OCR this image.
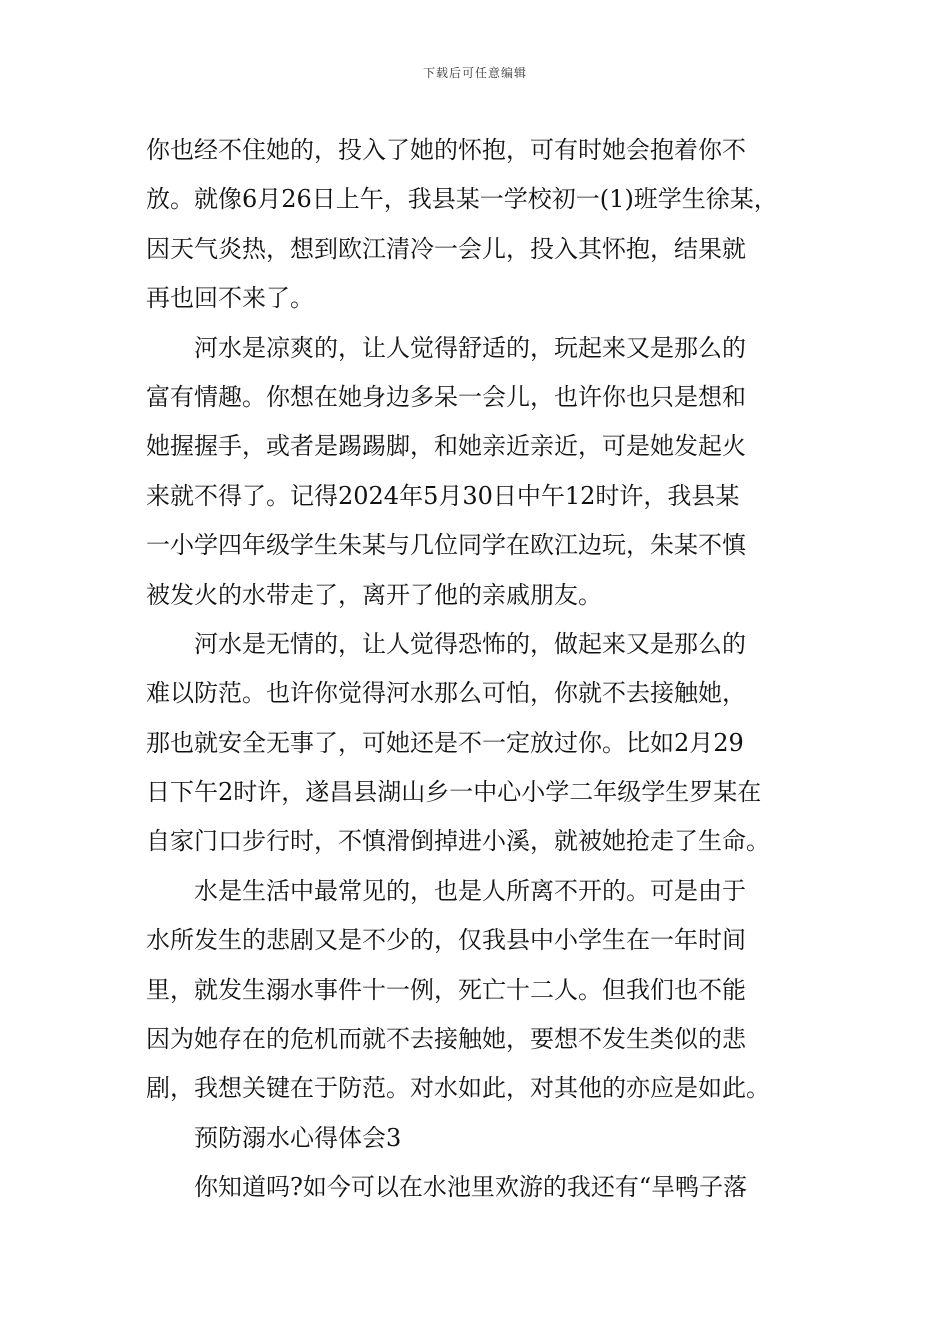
下载后可任意编辑
你也经不住她的，投入了她的怀抱，可有时她会抱着你不
放。就像6月26日上午，我县某一学校初一(1)班学生徐某，
因天气炎热，想到欧江清冷一会儿，投入其怀抱，结果就
再也回不来了。
河水是凉爽的，让人觉得舒适的，玩起来又是那么的
富有情趣。你想在她身边多呆一会儿，也许你也只是想和
她握握手，或者是踢踢脚，和她亲近亲近，可是她发起火
来就不得了。记得2024年5月30日中午12时许，我县某
一小学四年级学生朱某与几位同学在欧江边玩，朱某不慎
被发火的水带走了，离开了他的亲戚朋友。
河水是无情的，让人觉得恐怖的，做起来又是那么的
难以防范。也许你觉得河水那么可怕，你就不去接触她，
那也就安全无事了，可她还是不一定放过你。比如2月29
日下午2时许，遂昌县湖山乡一中心小学二年级学生罗某在
自家门口步行时，不慎滑倒掉进小溪，就被她抢走了生命。
水是生活中最常见的，也是人所离不开的。可是由于
水所发生的悲剧又是不少的，仅我县中小学生在一年时间
里，就发生溺水事件十一例，死亡十二人。但我们也不能
因为她存在的危机而就不去接触她，要想不发生类似的悲
剧，我想关键在于防范。对水如此，对其他的亦应是如此。
预防溺水心得体会3
你知道吗?如今可以在水池里欢游的我还有“旱鸭子落
